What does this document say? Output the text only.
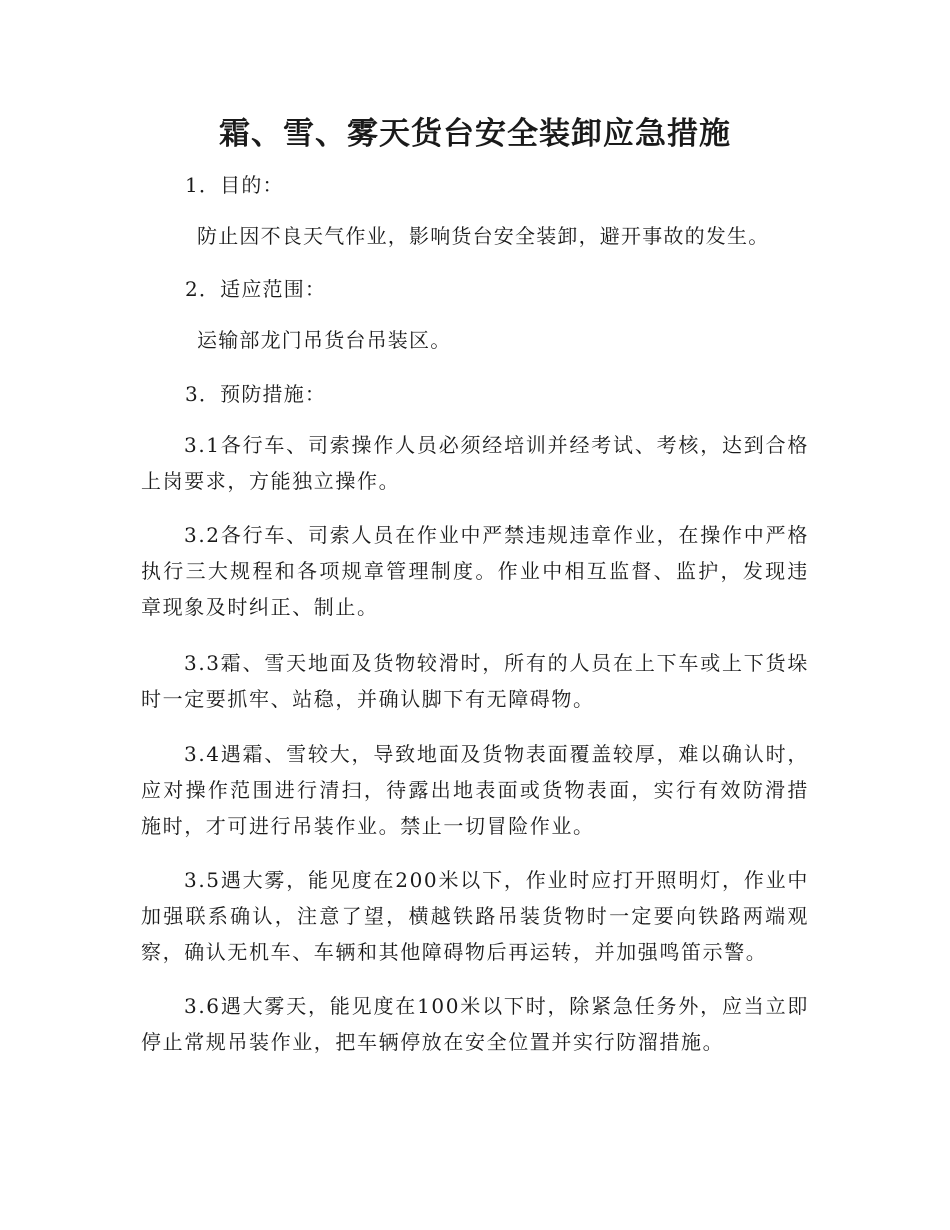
霜、雪、雾天货台安全装卸应急措施
1．目的：
防止因不良天气作业，影响货台安全装卸，避开事故的发生。
2．适应范围：
运输部龙门吊货台吊装区。
3．预防措施：
3.1各行车、司索操作人员必须经培训并经考试、考核，达到合格上岗要求，方能独立操作。
3.2各行车、司索人员在作业中严禁违规违章作业，在操作中严格执行三大规程和各项规章管理制度。作业中相互监督、监护，发现违章现象及时纠正、制止。
3.3霜、雪天地面及货物较滑时，所有的人员在上下车或上下货垛时一定要抓牢、站稳，并确认脚下有无障碍物。
3.4遇霜、雪较大，导致地面及货物表面覆盖较厚，难以确认时，应对操作范围进行清扫，待露出地表面或货物表面，实行有效防滑措施时，才可进行吊装作业。禁止一切冒险作业。
3.5遇大雾，能见度在200米以下，作业时应打开照明灯，作业中加强联系确认，注意了望，横越铁路吊装货物时一定要向铁路两端观察，确认无机车、车辆和其他障碍物后再运转，并加强鸣笛示警。
3.6遇大雾天，能见度在100米以下时，除紧急任务外，应当立即停止常规吊装作业，把车辆停放在安全位置并实行防溜措施。
